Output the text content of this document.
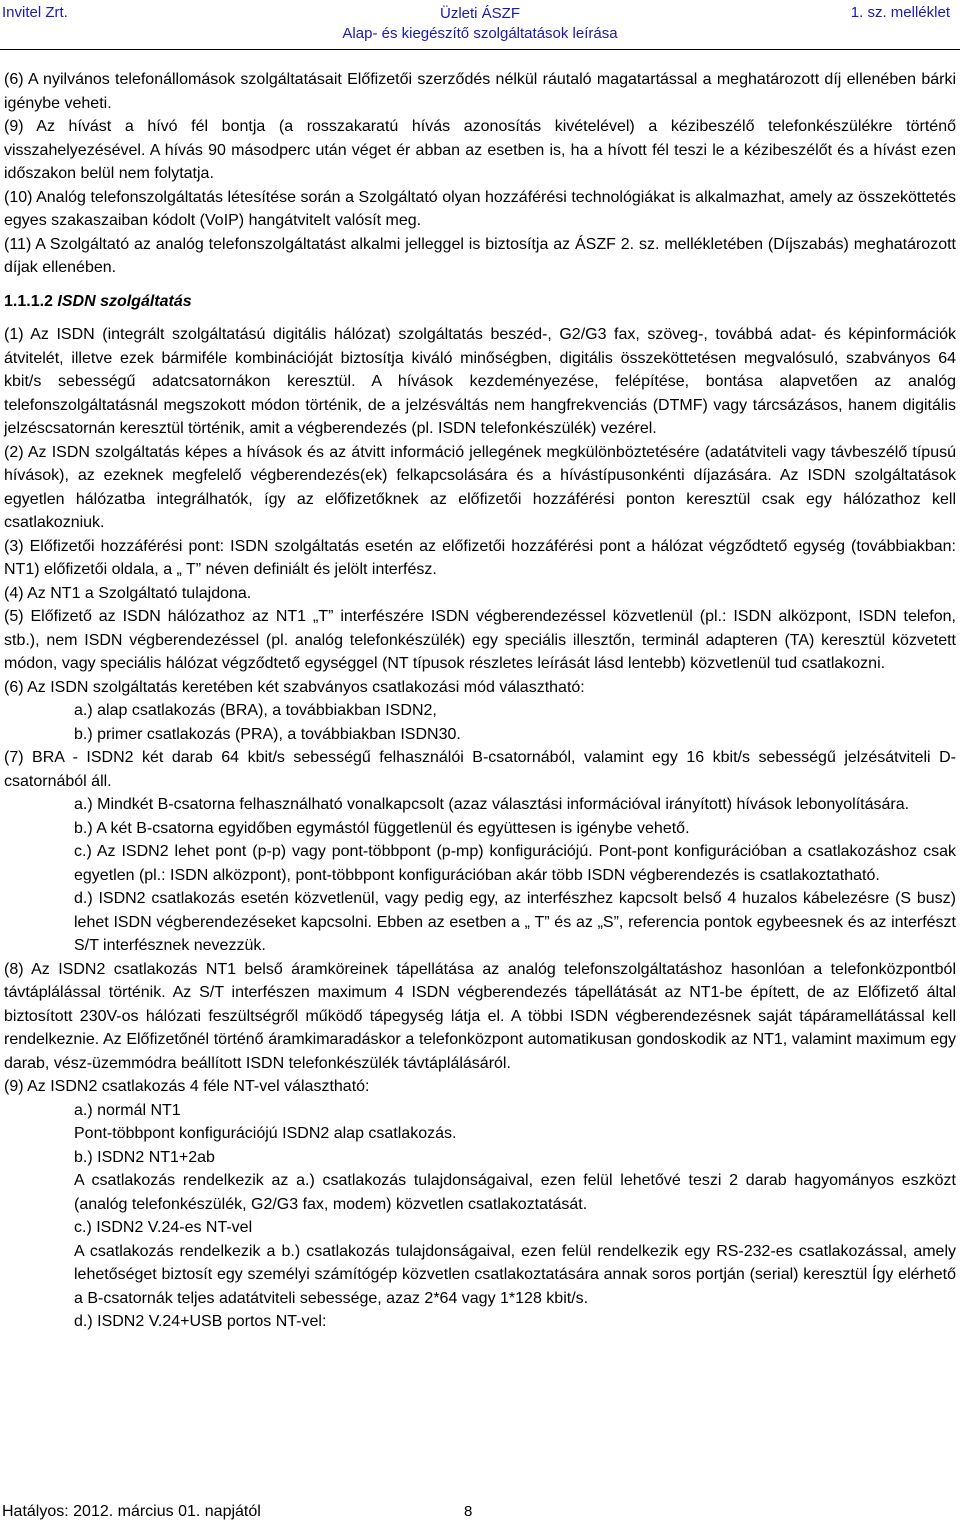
Invitel Zrt.	Üzleti ÁSZF
Alap- és kiegészítő szolgáltatások leírása
1. sz. melléklet

(6) A nyilvános telefonállomások szolgáltatásait Előfizetői szerződés nélkül ráutaló magatartással a meghatározott díj ellenében bárki igénybe veheti.

(9) Az hívást a hívó fél bontja (a rosszakaratú hívás azonosítás kivételével) a kézibeszélő telefonkészülékre történő visszahelyezésével. A hívás 90 másodperc után véget ér abban az esetben is, ha a hívott fél teszi le a kézibeszélőt és a hívást ezen időszakon belül nem folytatja.

(10) Analóg telefonszolgáltatás létesítése során a Szolgáltató olyan hozzáférési technológiákat is alkalmazhat, amely az összeköttetés egyes szakaszaiban kódolt (VoIP) hangátvitelt valósít meg.

(11) A Szolgáltató az analóg telefonszolgáltatást alkalmi jelleggel is biztosítja az ÁSZF 2. sz. mellékletében (Díjszabás) meghatározott díjak ellenében.

1.1.1.2 ISDN szolgáltatás

(1) Az ISDN (integrált szolgáltatású digitális hálózat) szolgáltatás beszéd-, G2/G3 fax, szöveg-, továbbá adat- és képinformációk átvitelét, illetve ezek bármiféle kombinációját biztosítja kiváló minőségben, digitális összeköttetésen megvalósuló, szabványos 64 kbit/s sebességű adatcsatornákon keresztül. A hívások kezdeményezése, felépítése, bontása alapvetően az analóg telefonszolgáltatásnál megszokott módon történik, de a jelzésváltás nem hangfrekvenciás (DTMF) vagy tárcsázásos, hanem digitális jelzéscsatornán keresztül történik, amit a végberendezés (pl. ISDN telefonkészülék) vezérel.

(2) Az ISDN szolgáltatás képes a hívások és az átvitt információ jellegének megkülönböztetésére (adatátviteli vagy távbeszélő típusú hívások), az ezeknek megfelelő végberendezés(ek) felkapcsolására és a hívástípusonkénti díjazására. Az ISDN szolgáltatások egyetlen hálózatba integrálhatók, így az előfizetőknek az előfizetői hozzáférési ponton keresztül csak egy hálózathoz kell csatlakozniuk.

(3) Előfizetői hozzáférési pont: ISDN szolgáltatás esetén az előfizetői hozzáférési pont a hálózat végződtető egység (továbbiakban: NT1) előfizetői oldala, a „ T” néven definiált és jelölt interfész.

(4) Az NT1 a Szolgáltató tulajdona.

(5) Előfizető az ISDN hálózathoz az NT1 „T” interfészére ISDN végberendezéssel közvetlenül (pl.: ISDN alközpont, ISDN telefon, stb.), nem ISDN végberendezéssel (pl. analóg telefonkészülék) egy speciális illesztőn, terminál adapteren (TA) keresztül közvetett módon, vagy speciális hálózat végződtető egységgel (NT típusok részletes leírását lásd lentebb) közvetlenül tud csatlakozni.

(6) Az ISDN szolgáltatás keretében két szabványos csatlakozási mód választható:

a.) alap csatlakozás (BRA), a továbbiakban ISDN2,

b.) primer csatlakozás (PRA), a továbbiakban ISDN30.

(7) BRA - ISDN2 két darab 64 kbit/s sebességű felhasználói B-csatornából, valamint egy 16 kbit/s sebességű jelzésátviteli D-csatornából áll.

a.) Mindkét B-csatorna felhasználható vonalkapcsolt (azaz választási információval irányított) hívások lebonyolítására.

b.) A két B-csatorna egyidőben egymástól függetlenül és együttesen is igénybe vehető.

c.) Az ISDN2 lehet pont (p-p) vagy pont-többpont (p-mp) konfigurációjú. Pont-pont konfigurációban a csatlakozáshoz csak egyetlen (pl.: ISDN alközpont), pont-többpont konfigurációban akár több ISDN végberendezés is csatlakoztatható.

d.) ISDN2 csatlakozás esetén közvetlenül, vagy pedig egy, az interfészhez kapcsolt belső 4 huzalos kábelezésre (S busz) lehet ISDN végberendezéseket kapcsolni. Ebben az esetben a „ T” és az „S”, referencia pontok egybeesnek és az interfészt S/T interfésznek nevezzük.

(8) Az ISDN2 csatlakozás NT1 belső áramköreinek tápellátása az analóg telefonszolgáltatáshoz hasonlóan a telefonközpontból távtáplálással történik. Az S/T interfészen maximum 4 ISDN végberendezés tápellátását az NT1-be épített, de az Előfizető által biztosított 230V-os hálózati feszültségről működő tápegység látja el. A többi ISDN végberendezésnek saját tápáramellátással kell rendelkeznie. Az Előfizetőnél történő áramkimaradáskor a telefonközpont automatikusan gondoskodik az NT1, valamint maximum egy darab, vész-üzemmódra beállított ISDN telefonkészülék távtáplálásáról.

(9) Az ISDN2 csatlakozás 4 féle NT-vel választható:

a.) normál NT1

Pont-többpont konfigurációjú ISDN2 alap csatlakozás.

b.) ISDN2 NT1+2ab

A csatlakozás rendelkezik az a.) csatlakozás tulajdonságaival, ezen felül lehetővé teszi 2 darab hagyományos eszközt (analóg telefonkészülék, G2/G3 fax, modem) közvetlen csatlakoztatását.

c.) ISDN2 V.24-es NT-vel

A csatlakozás rendelkezik a b.) csatlakozás tulajdonságaival, ezen felül rendelkezik egy RS-232-es csatlakozással, amely lehetőséget biztosít egy személyi számítógép közvetlen csatlakoztatására annak soros portján (serial) keresztül Így elérhető a B-csatornák teljes adatátviteli sebessége, azaz 2*64 vagy 1*128 kbit/s.

d.) ISDN2 V.24+USB portos NT-vel:

Hatályos: 2012. március 01. napjától	8
